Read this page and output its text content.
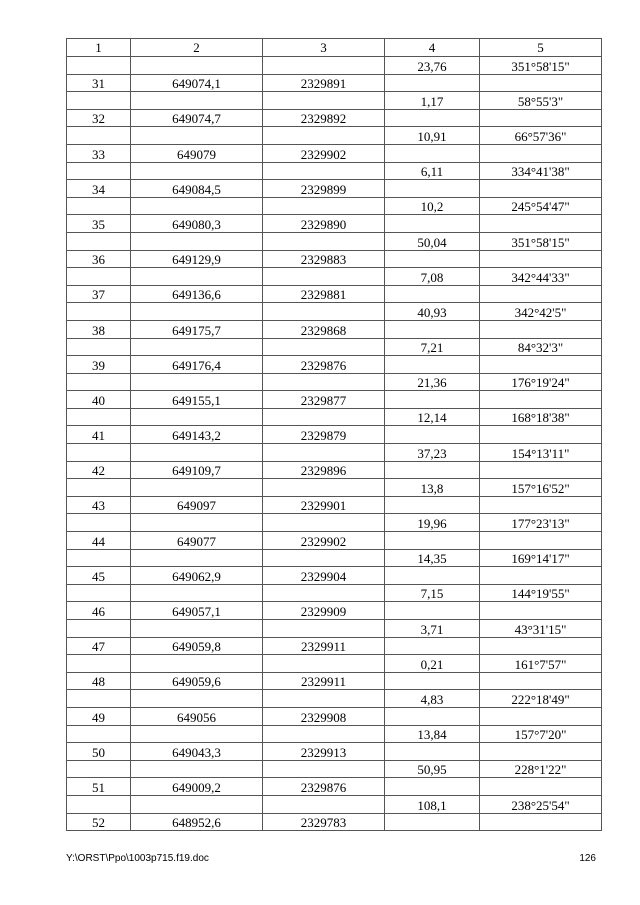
1	2	3	4	5
			23,76	351°58'15"
31	649074,1	2329891		
			1,17	58°55'3"
32	649074,7	2329892		
			10,91	66°57'36"
33	649079	2329902		
			6,11	334°41'38"
34	649084,5	2329899		
			10,2	245°54'47"
35	649080,3	2329890		
			50,04	351°58'15"
36	649129,9	2329883		
			7,08	342°44'33"
37	649136,6	2329881		
			40,93	342°42'5"
38	649175,7	2329868		
			7,21	84°32'3"
39	649176,4	2329876		
			21,36	176°19'24"
40	649155,1	2329877		
			12,14	168°18'38"
41	649143,2	2329879		
			37,23	154°13'11"
42	649109,7	2329896		
			13,8	157°16'52"
43	649097	2329901		
			19,96	177°23'13"
44	649077	2329902		
			14,35	169°14'17"
45	649062,9	2329904		
			7,15	144°19'55"
46	649057,1	2329909		
			3,71	43°31'15"
47	649059,8	2329911		
			0,21	161°7'57"
48	649059,6	2329911		
			4,83	222°18'49"
49	649056	2329908		
			13,84	157°7'20"
50	649043,3	2329913		
			50,95	228°1'22"
51	649009,2	2329876		
			108,1	238°25'54"
52	648952,6	2329783		
Y:\ORST\Ppo\1003p715.f19.doc	126
